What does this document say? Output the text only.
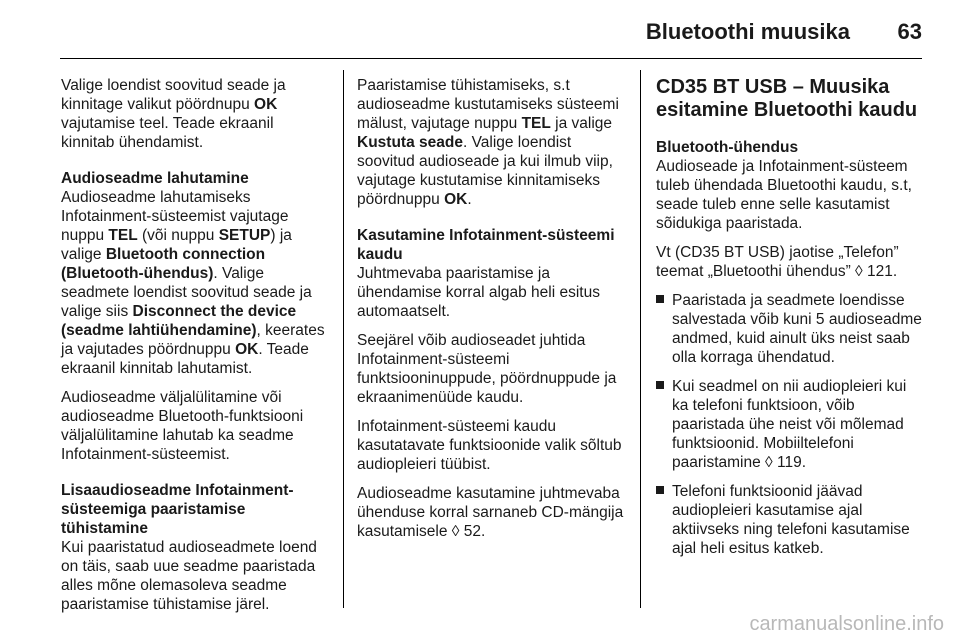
Bluetoothi muusika 63

Valige loendist soovitud seade ja kinnitage valikut pöördnupu OK vajutamise teel. Teade ekraanil kinnitab ühendamist.

Audioseadme lahutamine

Audioseadme lahutamiseks Infotainment-süsteemist vajutage nuppu TEL (või nuppu SETUP) ja valige Bluetooth connection (Bluetooth-ühendus). Valige seadmete loendist soovitud seade ja valige siis Disconnect the device (seadme lahtiühendamine), keerates ja vajutades pöördnuppu OK. Teade ekraanil kinnitab lahutamist.

Audioseadme väljalülitamine või audioseadme Bluetooth-funktsiooni väljalülitamine lahutab ka seadme Infotainment-süsteemist.

Lisaaudioseadme Infotainment-süsteemiga paaristamise tühistamine

Kui paaristatud audioseadmete loend on täis, saab uue seadme paaristada alles mõne olemasoleva seadme paaristamise tühistamise järel.

Paaristamise tühistamiseks, s.t audioseadme kustutamiseks süsteemi mälust, vajutage nuppu TEL ja valige Kustuta seade. Valige loendist soovitud audioseade ja kui ilmub viip, vajutage kustutamise kinnitamiseks pöördnuppu OK.

Kasutamine Infotainment-süsteemi kaudu

Juhtmevaba paaristamise ja ühendamise korral algab heli esitus automaatselt.

Seejärel võib audioseadet juhtida Infotainment-süsteemi funktsiooninuppude, pöördnuppude ja ekraanimenüüde kaudu.

Infotainment-süsteemi kaudu kasutatavate funktsioonide valik sõltub audiopleieri tüübist.

Audioseadme kasutamine juhtmevaba ühenduse korral sarnaneb CD-mängija kasutamisele ◊ 52.

CD35 BT USB – Muusika esitamine Bluetoothi kaudu

Bluetooth-ühendus

Audioseade ja Infotainment-süsteem tuleb ühendada Bluetoothi kaudu, s.t, seade tuleb enne selle kasutamist sõidukiga paaristada.

Vt (CD35 BT USB) jaotise „Telefon” teemat „Bluetoothi ühendus” ◊ 121.

Paaristada ja seadmete loendisse salvestada võib kuni 5 audioseadme andmed, kuid ainult üks neist saab olla korraga ühendatud.
Kui seadmel on nii audiopleieri kui ka telefoni funktsioon, võib paaristada ühe neist või mõlemad funktsioonid. Mobiiltelefoni paaristamine ◊ 119.
Telefoni funktsioonid jäävad audiopleieri kasutamise ajal aktiivseks ning telefoni kasutamise ajal heli esitus katkeb.
carmanualsonline.info
